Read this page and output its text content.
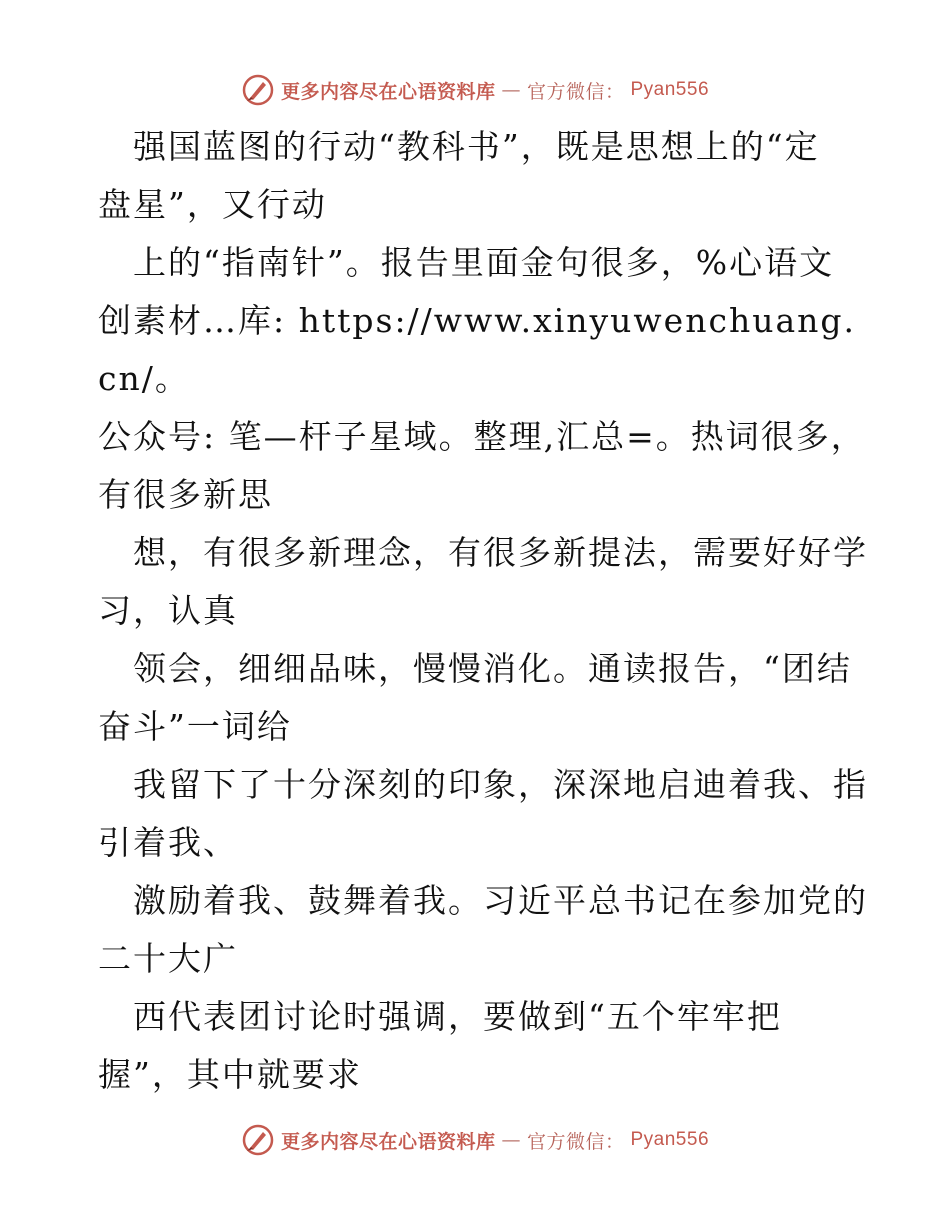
更多内容尽在心语资料库 — 官方微信： Pyan556

　强国蓝图的行动“教科书”，既是思想上的“定

盘星”，又行动

　上的“指南针”。报告里面金句很多，%心语文

创素材…库: https://www.xinyuwenchuang.cn/。

公众号: 笔—杆子星域。整理,汇总=。热词很多，

有很多新思

　想，有很多新理念，有很多新提法，需要好好学

习，认真

　领会，细细品味，慢慢消化。通读报告，“团结

奋斗”一词给

　我留下了十分深刻的印象，深深地启迪着我、指

引着我、

　激励着我、鼓舞着我。习近平总书记在参加党的

二十大广

　西代表团讨论时强调，要做到“五个牢牢把

握”，其中就要求

更多内容尽在心语资料库 — 官方微信： Pyan556
